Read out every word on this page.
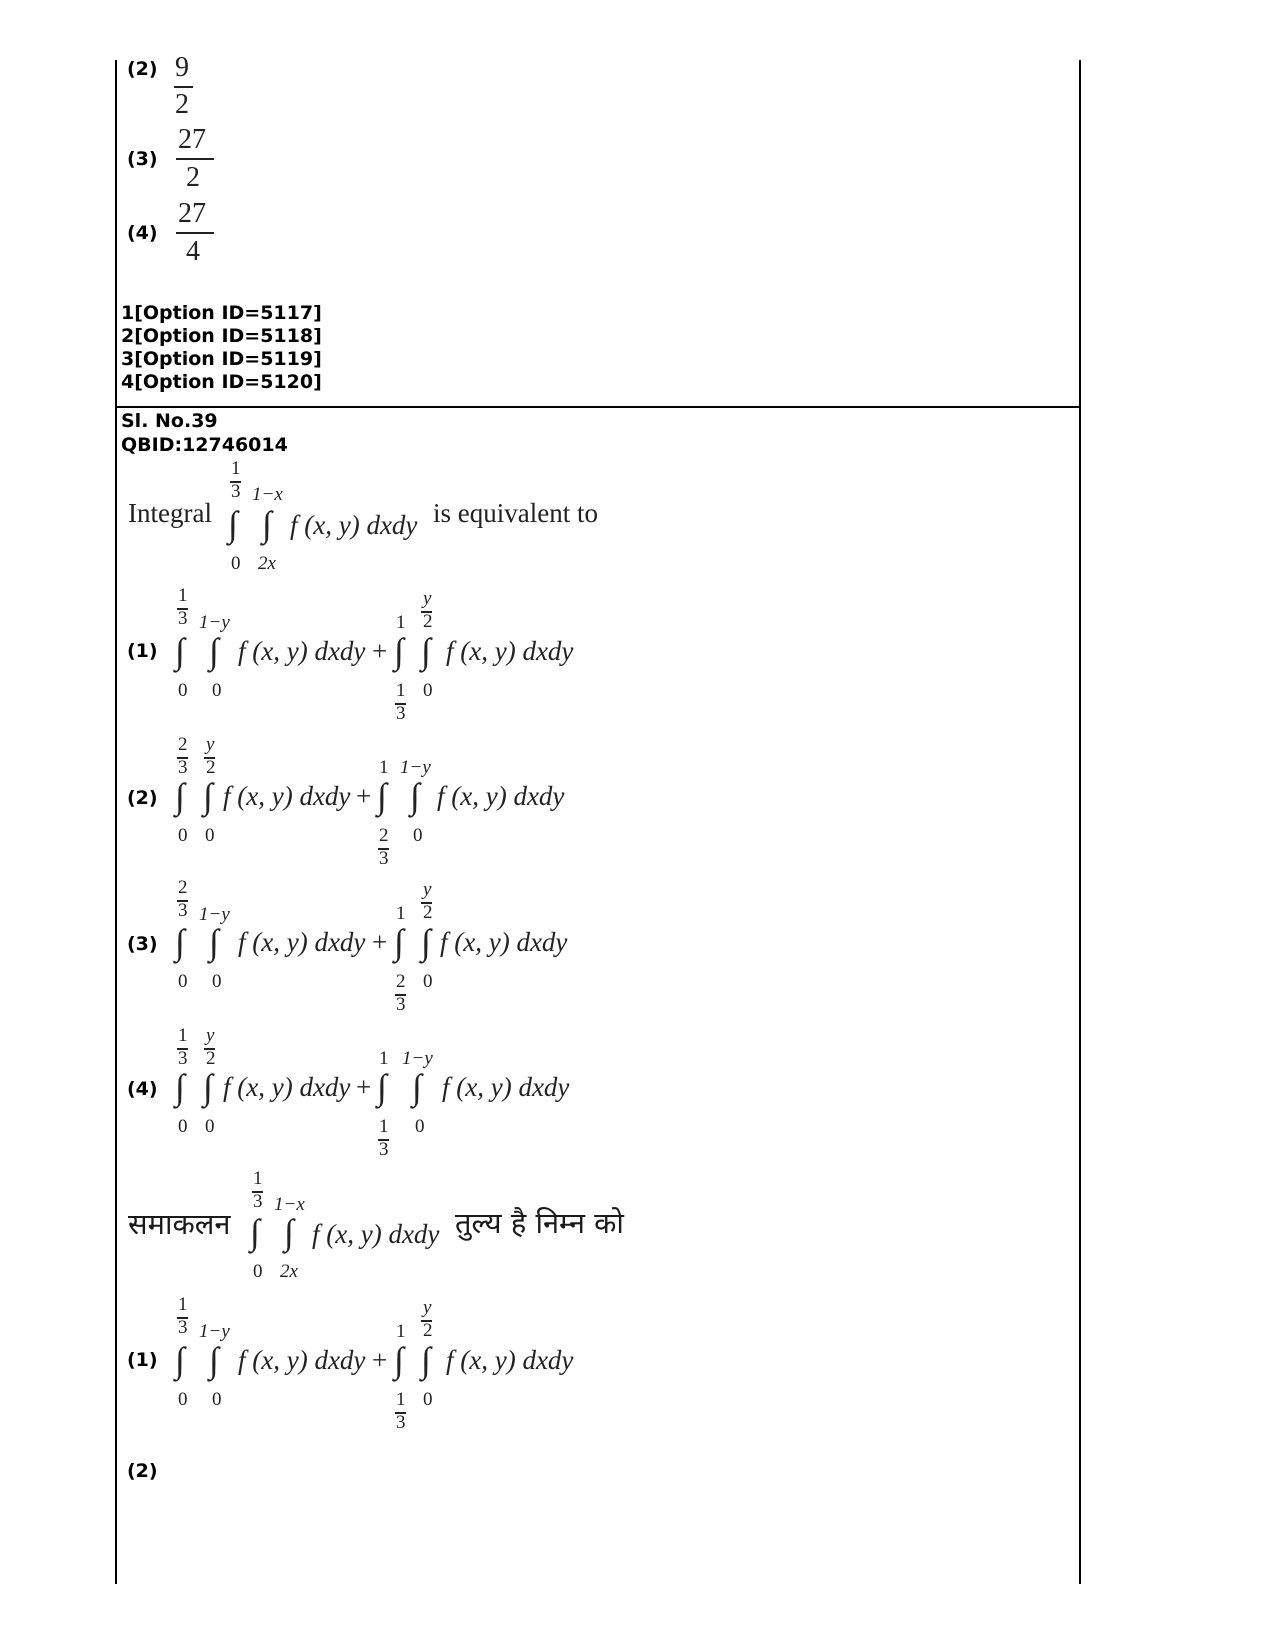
(2) 9
2
(3)
27
2
(4)
27
4
1[Option ID=5117]
2[Option ID=5118]
3[Option ID=5119]
4[Option ID=5120]
Sl. No.39
QBID:12746014
Integral
1
3 1−x
∫ ∫
0 2x
f (x, y) dxdy is equivalent to
(1)
1
3 1−y
∫ ∫
0 0
f (x, y) dxdy +
1
y
2
∫ ∫
1
3
0
f (x, y) dxdy
(2)
2
3
y
2
∫ ∫
0 0
f (x, y) dxdy +
1 1−y
∫ ∫
2
3
0
f (x, y) dxdy
(3)
2
3 1−y
∫ ∫
0 0
f (x, y) dxdy +
1
y
2
∫ ∫
2
3
0
f (x, y) dxdy
(4)
1
3
y
2
∫ ∫
0 0
f (x, y) dxdy +
1 1−y
∫ ∫
1
3
0
f (x, y) dxdy
समाकलन
1
3 1−x
∫ ∫
0 2x
f (x, y) dxdy तुल्य है निम्न को
(1)
1
3 1−y
∫ ∫
0 0
f (x, y) dxdy +
1
y
2
∫ ∫
1
3
0
f (x, y) dxdy
(2)
